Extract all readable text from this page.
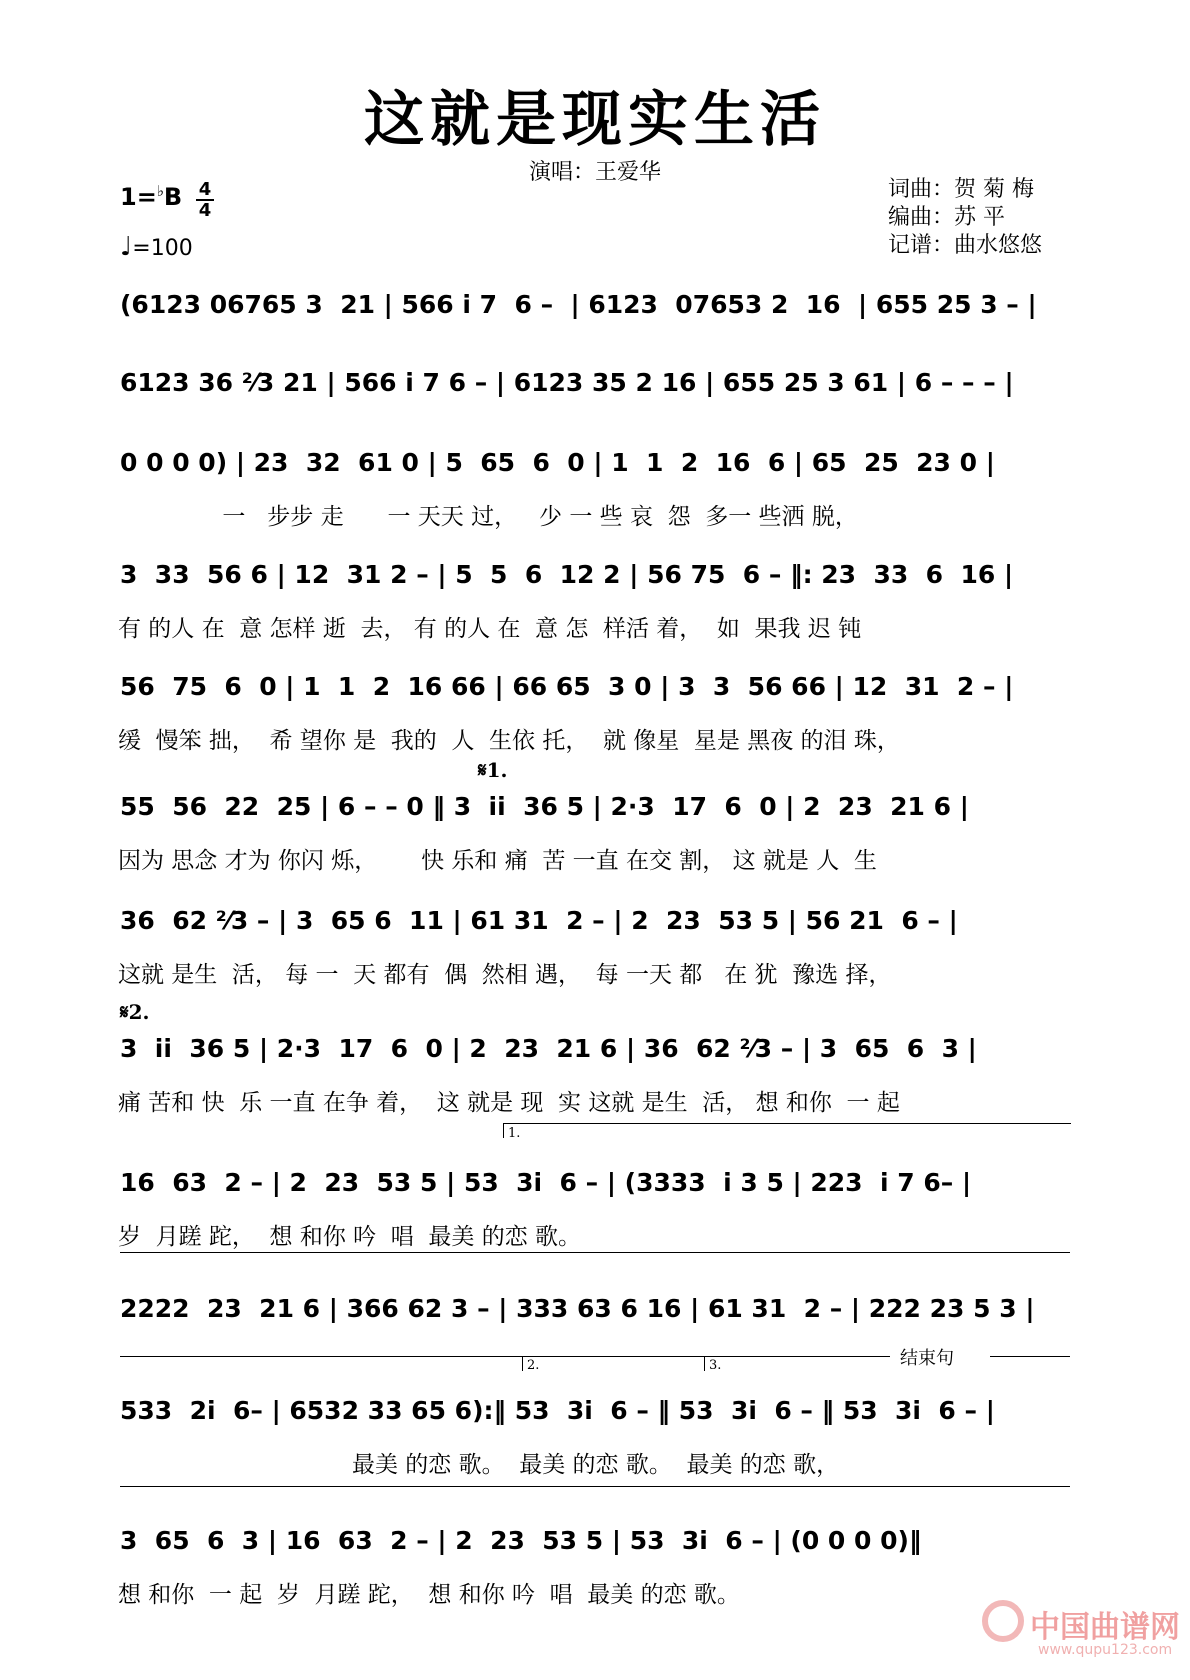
这就是现实生活
演唱：王爱华
1=♭B 4
4
♩=100
词曲：贺 菊 梅
编曲：苏 平
记谱：曲水悠悠
(6123 06765 3  21 | 566 i 7  6 –  | 6123  07653 2  16  | 655 25 3 – |
6123 36 ²⁄3 21 | 566 i 7 6 – | 6123 35 2 16 | 655 25 3 61 | 6 – – – |
0 0 0 0) | 23  32  61 0 | 5  65  6  0 | 1  1  2  16  6 | 65  25  23 0 |
一   步步 走      一 天天 过，   少 一 些 哀  怨  多一 些洒 脱，
3  33  56 6 | 12  31 2 – | 5  5  6  12 2 | 56 75  6 – ‖: 23  33  6  16 |
有 的人 在  意 怎样 逝  去， 有 的人 在  意 怎  样活 着，  如  果我 迟 钝
56  75  6  0 | 1  1  2  16 66 | 66 65  3 0 | 3  3  56 66 | 12  31  2 – |
缓  慢笨 拙，  希 望你 是  我的  人  生依 托，  就 像星  星是 黑夜 的泪 珠，
𝄋1.
55  56  22  25 | 6 – – 0 ‖ 3  ii  36 5 | 2·3  17  6  0 | 2  23  21 6 |
因为 思念 才为 你闪 烁，      快 乐和 痛  苦 一直 在交 割， 这 就是 人  生
36  62 ²⁄3 – | 3  65 6  11 | 61 31  2 – | 2  23  53 5 | 56 21  6 – |
这就 是生  活， 每 一  天 都有  偶  然相 遇，  每 一天 都   在 犹  豫选 择，
𝄋2.
3  ii  36 5 | 2·3  17  6  0 | 2  23  21 6 | 36  62 ²⁄3 – | 3  65  6  3 |
痛 苦和 快  乐 一直 在争 着，  这 就是 现  实 这就 是生  活， 想 和你  一 起
1.
16  63  2 – | 2  23  53 5 | 53  3i  6 – | (3333  i 3 5 | 223  i 7 6– |
岁  月蹉 跎，  想 和你 吟  唱  最美 的恋 歌。
2222  23  21 6 | 366 62 3 – | 333 63 6 16 | 61 31  2 – | 222 23 5 3 |
结束句
2.	3.
533  2i  6– | 6532 33 65 6):‖ 53  3i  6 – ‖ 53  3i  6 – ‖ 53  3i  6 – |
最美 的恋 歌。  最美 的恋 歌。  最美 的恋 歌，
3  65  6  3 | 16  63  2 – | 2  23  53 5 | 53  3i  6 – | (0 0 0 0)‖
想 和你  一 起  岁  月蹉 跎，  想 和你 吟  唱  最美 的恋 歌。
中国曲谱网
www.qupu123.com
